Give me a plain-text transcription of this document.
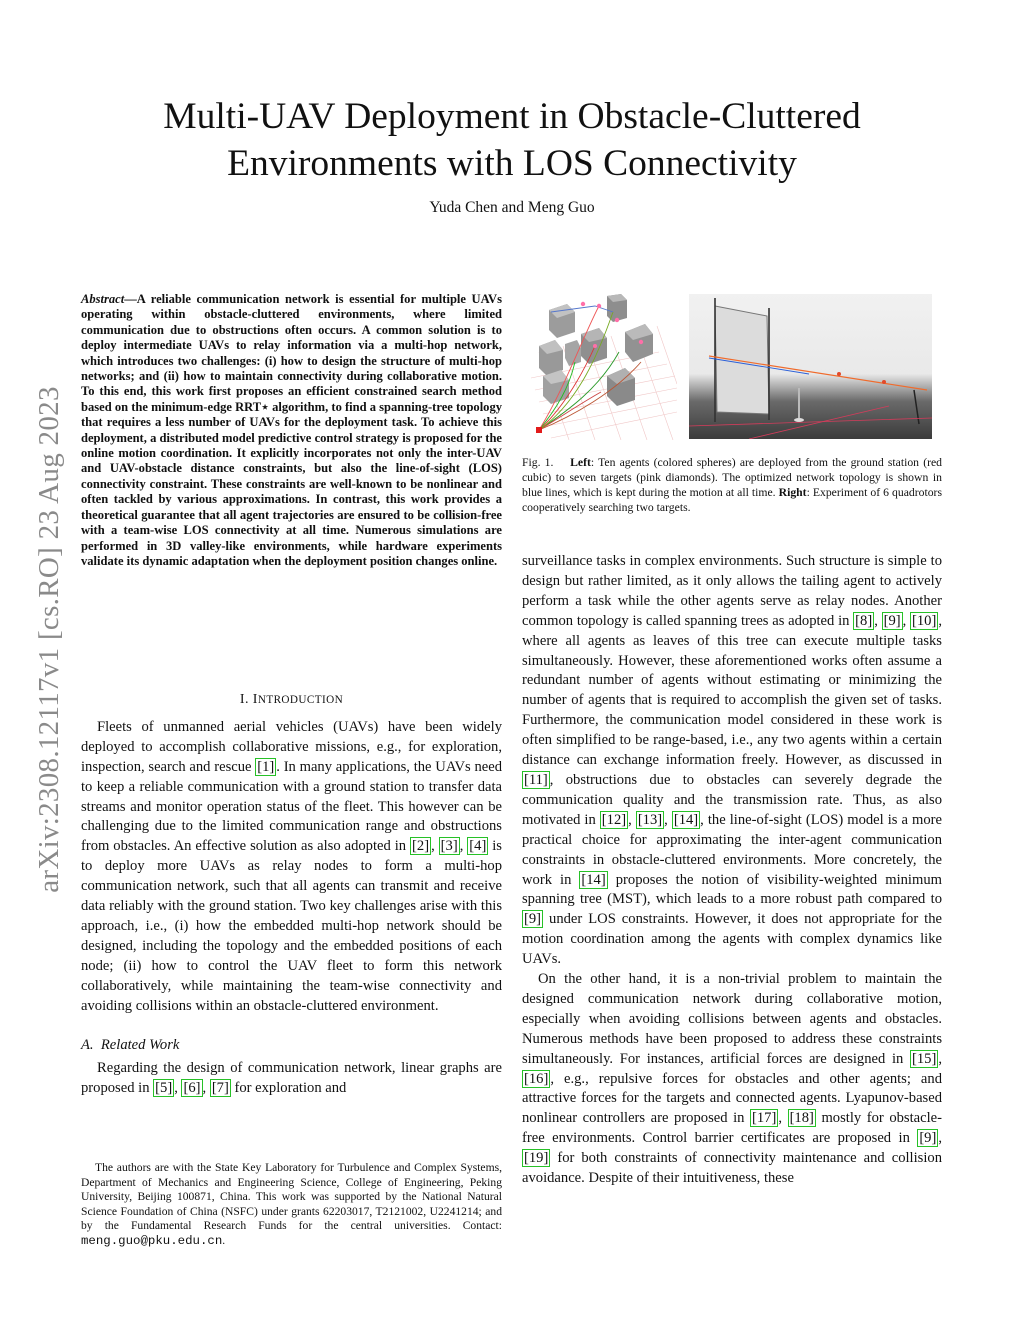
arXiv:2308.12117v1 [cs.RO] 23 Aug 2023
Multi-UAV Deployment in Obstacle-Cluttered
Environments with LOS Connectivity
Yuda Chen and Meng Guo
Abstract—A reliable communication network is essential for multiple UAVs operating within obstacle-cluttered environments, where limited communication due to obstructions often occurs. A common solution is to deploy intermediate UAVs to relay information via a multi-hop network, which introduces two challenges: (i) how to design the structure of multi-hop networks; and (ii) how to maintain connectivity during collaborative motion. To this end, this work first proposes an efficient constrained search method based on the minimum-edge RRT⋆ algorithm, to find a spanning-tree topology that requires a less number of UAVs for the deployment task. To achieve this deployment, a distributed model predictive control strategy is proposed for the online motion coordination. It explicitly incorporates not only the inter-UAV and UAV-obstacle distance constraints, but also the line-of-sight (LOS) connectivity constraint. These constraints are well-known to be nonlinear and often tackled by various approximations. In contrast, this work provides a theoretical guarantee that all agent trajectories are ensured to be collision-free with a team-wise LOS connectivity at all time. Numerous simulations are performed in 3D valley-like environments, while hardware experiments validate its dynamic adaptation when the deployment position changes online.

I. INTRODUCTION

Fleets of unmanned aerial vehicles (UAVs) have been widely deployed to accomplish collaborative missions, e.g., for exploration, inspection, search and rescue [1] . In many applications, the UAVs need to keep a reliable communication with a ground station to transfer data streams and monitor operation status of the fleet. This however can be challenging due to the limited communication range and obstructions from obstacles. An effective solution as also adopted in [2] , [3] , [4] is to deploy more UAVs as relay nodes to form a multi-hop communication network, such that all agents can transmit and receive data reliably with the ground station. Two key challenges arise with this approach, i.e., (i) how the embedded multi-hop network should be designed, including the topology and the embedded positions of each node; (ii) how to control the UAV fleet to form this network collaboratively, while maintaining the team-wise connectivity and avoiding collisions within an obstacle-cluttered environment.

A. Related Work

Regarding the design of communication network, linear graphs are proposed in [5] , [6] , [7] for exploration and

The authors are with the State Key Laboratory for Turbulence and Complex Systems, Department of Mechanics and Engineering Science, College of Engineering, Peking University, Beijing 100871, China. This work was supported by the National Natural Science Foundation of China (NSFC) under grants 62203017, T2121002, U2241214; and by the Fundamental Research Funds for the central universities. Contact: meng.guo@pku.edu.cn.
Fig. 1. Left: Ten agents (colored spheres) are deployed from the ground station (red cubic) to seven targets (pink diamonds). The optimized network topology is shown in blue lines, which is kept during the motion at all time. Right: Experiment of 6 quadrotors cooperatively searching two targets.

surveillance tasks in complex environments. Such structure is simple to design but rather limited, as it only allows the tailing agent to actively perform a task while the other agents serve as relay nodes. Another common topology is called spanning trees as adopted in [8] , [9] , [10] , where all agents as leaves of this tree can execute multiple tasks simultaneously. However, these aforementioned works often assume a redundant number of agents without estimating or minimizing the number of agents that is required to accomplish the given set of tasks. Furthermore, the communication model considered in these work is often simplified to be range-based, i.e., any two agents within a certain distance can exchange information freely. However, as discussed in [11] , obstructions due to obstacles can severely degrade the communication quality and the transmission rate. Thus, as also motivated in [12] , [13] , [14] , the line-of-sight (LOS) model is a more practical choice for approximating the inter-agent communication constraints in obstacle-cluttered environments. More concretely, the work in [14] proposes the notion of visibility-weighted minimum spanning tree (MST), which leads to a more robust path compared to [9] under LOS constraints. However, it does not appropriate for the motion coordination among the agents with complex dynamics like UAVs.

On the other hand, it is a non-trivial problem to maintain the designed communication network during collaborative motion, especially when avoiding collisions between agents and obstacles. Numerous methods have been proposed to address these constraints simultaneously. For instances, artificial forces are designed in [15] , [16] , e.g., repulsive forces for obstacles and other agents; and attractive forces for the targets and connected agents. Lyapunov-based nonlinear controllers are proposed in [17] , [18] mostly for obstacle-free environments. Control barrier certificates are proposed in [9] , [19] for both constraints of connectivity maintenance and collision avoidance. Despite of their intuitiveness, these
